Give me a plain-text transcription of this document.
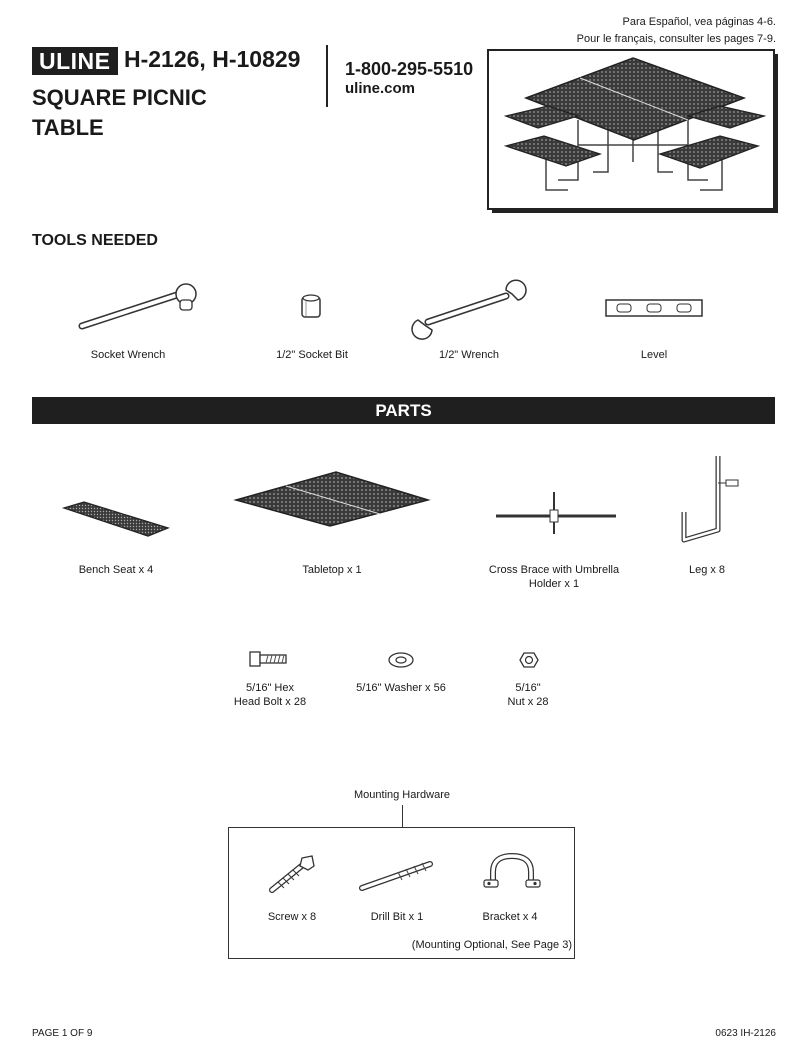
Para Español, vea páginas 4-6.
Pour le français, consulter les pages 7-9.
ULINE H-2126, H-10829
SQUARE PICNIC
TABLE
1-800-295-5510
uline.com
TOOLS NEEDED
Socket Wrench	1/2" Socket Bit	1/2" Wrench	Level
PARTS
Bench Seat x 4	Tabletop x 1	Cross Brace with Umbrella
Holder x 1
Leg x 8
5/16" Hex
Head Bolt x 28
5/16" Washer x 56	5/16"
Nut x 28
Mounting Hardware
Screw x 8	Drill Bit x 1	Bracket x 4
(Mounting Optional, See Page 3)
PAGE 1 OF 9	0623 IH-2126
